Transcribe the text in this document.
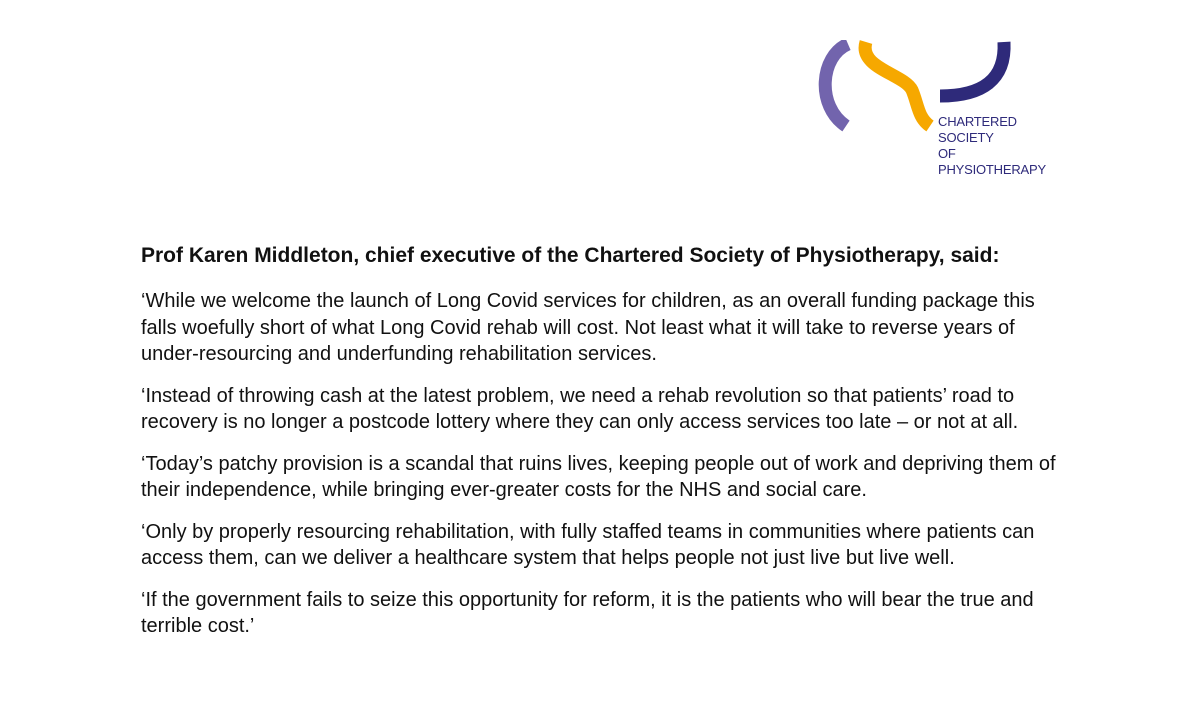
CHARTERED
SOCIETY
OF
PHYSIOTHERAPY

Prof Karen Middleton, chief executive of the Chartered Society of Physiotherapy, said:

‘While we welcome the launch of Long Covid services for children, as an overall funding package this falls woefully short of what Long Covid rehab will cost. Not least what it will take to reverse years of under-resourcing and underfunding rehabilitation services.

‘Instead of throwing cash at the latest problem, we need a rehab revolution so that patients’ road to recovery is no longer a postcode lottery where they can only access services too late – or not at all.

‘Today’s patchy provision is a scandal that ruins lives, keeping people out of work and depriving them of their independence, while bringing ever-greater costs for the NHS and social care.

‘Only by properly resourcing rehabilitation, with fully staffed teams in communities where patients can access them, can we deliver a healthcare system that helps people not just live but live well.

‘If the government fails to seize this opportunity for reform, it is the patients who will bear the true and terrible cost.’
